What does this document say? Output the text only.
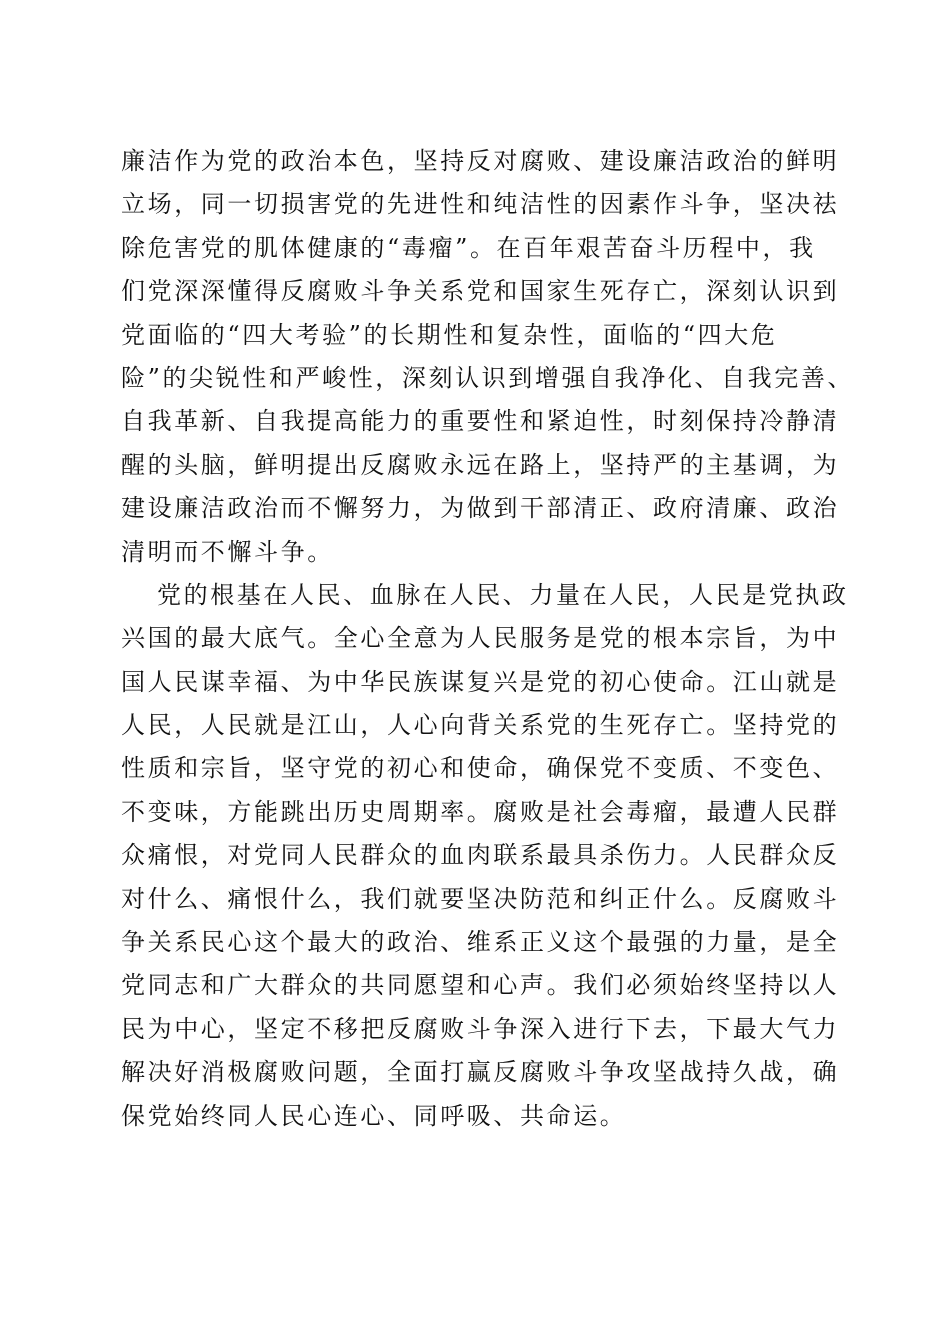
廉洁作为党的政治本色，坚持反对腐败、建设廉洁政治的鲜明
立场，同一切损害党的先进性和纯洁性的因素作斗争，坚决祛
除危害党的肌体健康的“毒瘤”。在百年艰苦奋斗历程中，我
们党深深懂得反腐败斗争关系党和国家生死存亡，深刻认识到
党面临的“四大考验”的长期性和复杂性，面临的“四大危
险”的尖锐性和严峻性，深刻认识到增强自我净化、自我完善、
自我革新、自我提高能力的重要性和紧迫性，时刻保持冷静清
醒的头脑，鲜明提出反腐败永远在路上，坚持严的主基调，为
建设廉洁政治而不懈努力，为做到干部清正、政府清廉、政治
清明而不懈斗争。
党的根基在人民、血脉在人民、力量在人民，人民是党执政
兴国的最大底气。全心全意为人民服务是党的根本宗旨，为中
国人民谋幸福、为中华民族谋复兴是党的初心使命。江山就是
人民，人民就是江山，人心向背关系党的生死存亡。坚持党的
性质和宗旨，坚守党的初心和使命，确保党不变质、不变色、
不变味，方能跳出历史周期率。腐败是社会毒瘤，最遭人民群
众痛恨，对党同人民群众的血肉联系最具杀伤力。人民群众反
对什么、痛恨什么，我们就要坚决防范和纠正什么。反腐败斗
争关系民心这个最大的政治、维系正义这个最强的力量，是全
党同志和广大群众的共同愿望和心声。我们必须始终坚持以人
民为中心，坚定不移把反腐败斗争深入进行下去，下最大气力
解决好消极腐败问题，全面打赢反腐败斗争攻坚战持久战，确
保党始终同人民心连心、同呼吸、共命运。
